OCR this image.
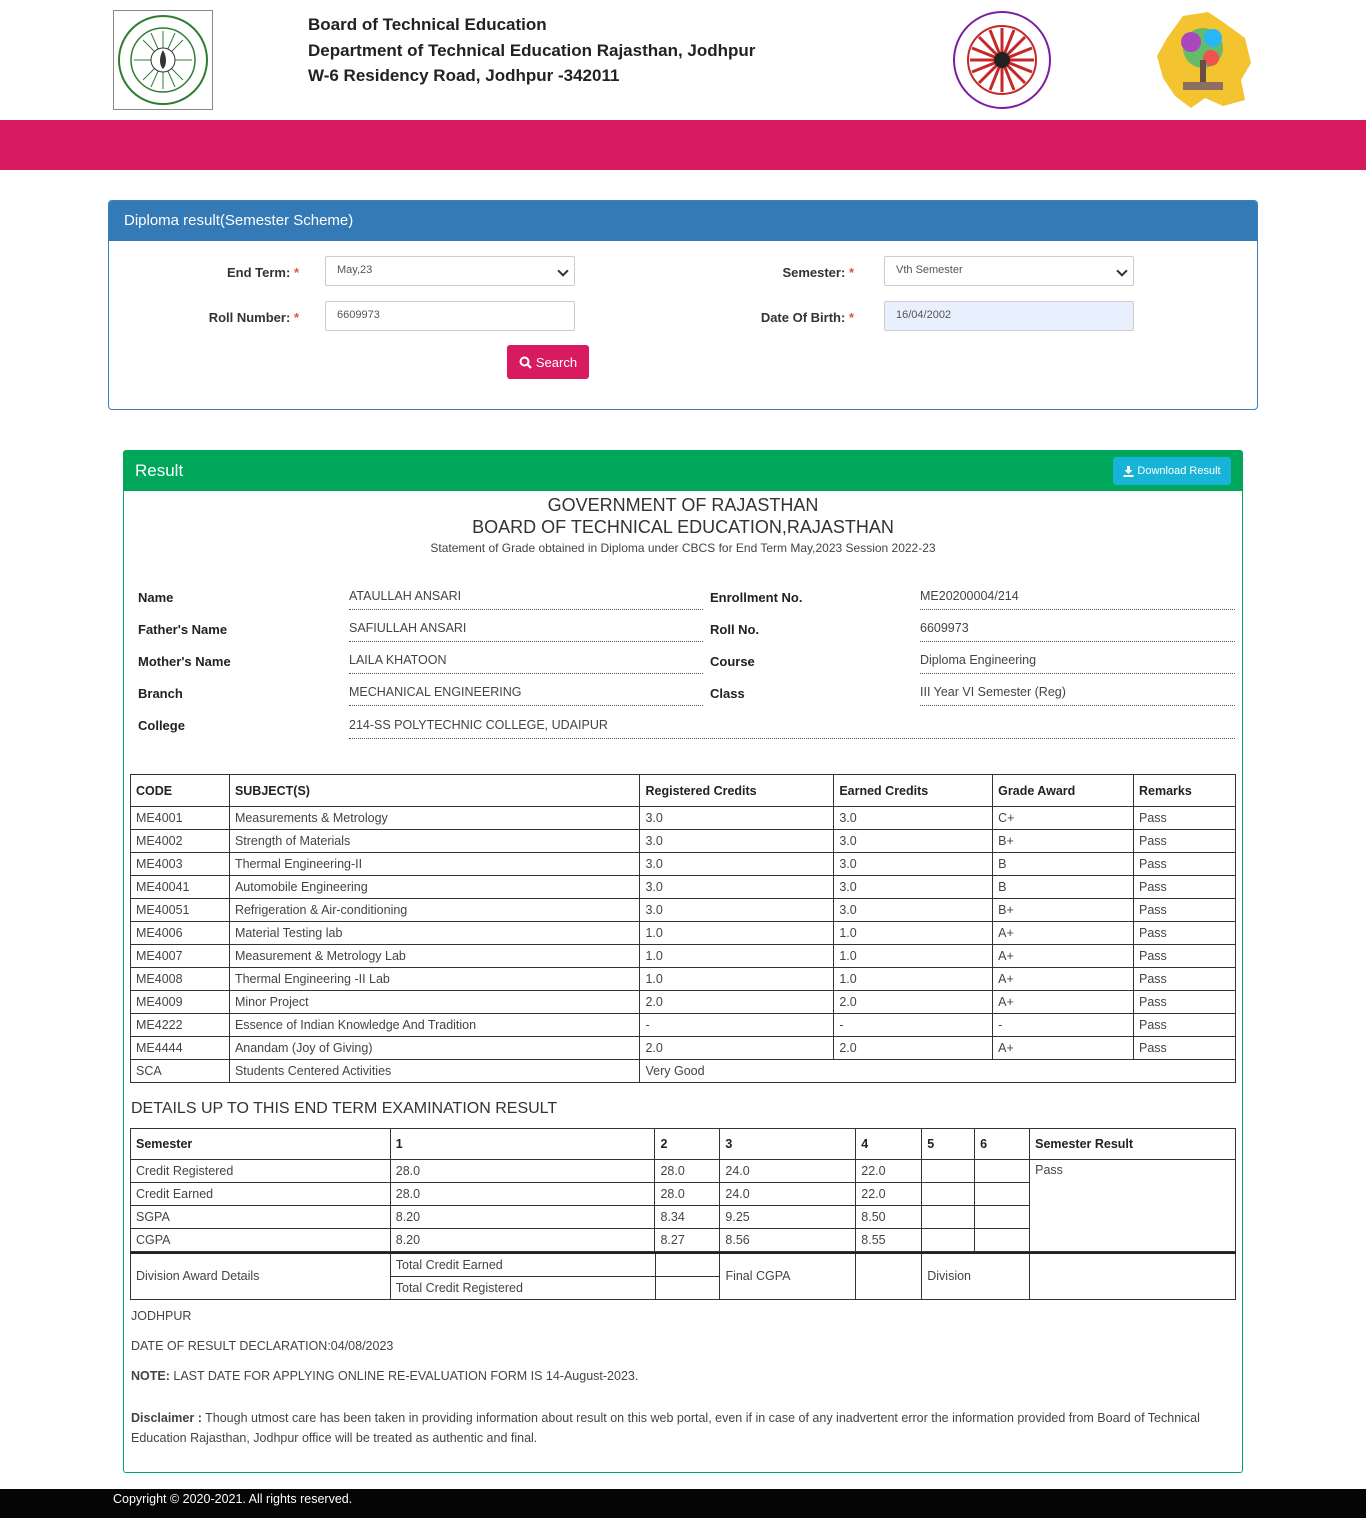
Board of Technical Education
Department of Technical Education Rajasthan, Jodhpur
W-6 Residency Road, Jodhpur -342011
Diploma result(Semester Scheme)
End Term: *	May,23	Semester: *	Vth Semester
Roll Number: *	6609973	Date Of Birth: *	16/04/2002
Search
Result	Download Result
GOVERNMENT OF RAJASTHAN
BOARD OF TECHNICAL EDUCATION,RAJASTHAN
Statement of Grade obtained in Diploma under CBCS for End Term May,2023 Session 2022-23
Name	ATAULLAH ANSARI	Enrollment No.	ME20200004/214
Father's Name	SAFIULLAH ANSARI	Roll No.	6609973
Mother's Name	LAILA KHATOON	Course	Diploma Engineering
Branch	MECHANICAL ENGINEERING	Class	III Year VI Semester (Reg)
College	214-SS POLYTECHNIC COLLEGE, UDAIPUR
CODE	SUBJECT(S)	Registered Credits	Earned Credits	Grade Award	Remarks
ME4001	Measurements & Metrology	3.0	3.0	C+	Pass
ME4002	Strength of Materials	3.0	3.0	B+	Pass
ME4003	Thermal Engineering-II	3.0	3.0	B	Pass
ME40041	Automobile Engineering	3.0	3.0	B	Pass
ME40051	Refrigeration & Air-conditioning	3.0	3.0	B+	Pass
ME4006	Material Testing lab	1.0	1.0	A+	Pass
ME4007	Measurement & Metrology Lab	1.0	1.0	A+	Pass
ME4008	Thermal Engineering -II Lab	1.0	1.0	A+	Pass
ME4009	Minor Project	2.0	2.0	A+	Pass
ME4222	Essence of Indian Knowledge And Tradition	-	-	-	Pass
ME4444	Anandam (Joy of Giving)	2.0	2.0	A+	Pass
SCA	Students Centered Activities	Very Good			
DETAILS UP TO THIS END TERM EXAMINATION RESULT
Semester	1	2	3	4	5	6	Semester Result
Credit Registered	28.0	28.0	24.0	22.0			Pass
Credit Earned	28.0	28.0	24.0	22.0			
SGPA	8.20	8.34	9.25	8.50			
CGPA	8.20	8.27	8.56	8.55			
Division Award Details	Total Credit Earned		Final CGPA		Division	
	Total Credit Registered					
JODHPUR
DATE OF RESULT DECLARATION:04/08/2023
NOTE: LAST DATE FOR APPLYING ONLINE RE-EVALUATION FORM IS 14-August-2023.
Disclaimer : Though utmost care has been taken in providing information about result on this web portal, even if in case of any inadvertent error the information provided from Board of Technical Education Rajasthan, Jodhpur office will be treated as authentic and final.
Copyright © 2020-2021. All rights reserved.
